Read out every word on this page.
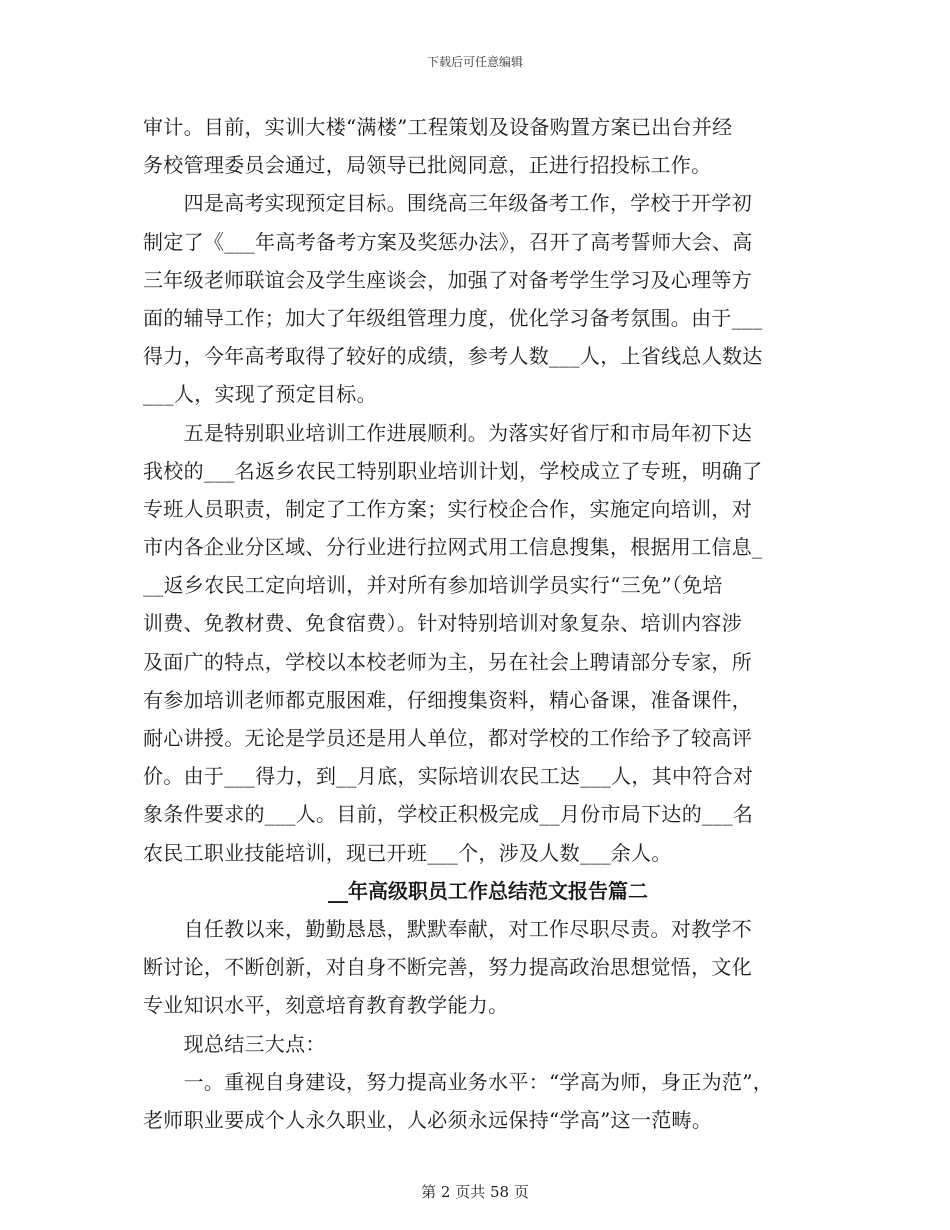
下载后可任意编辑
审计。目前，实训大楼“满楼”工程策划及设备购置方案已出台并经
务校管理委员会通过，局领导已批阅同意，正进行招投标工作。
　　四是高考实现预定目标。围绕高三年级备考工作，学校于开学初
制定了《___年高考备考方案及奖惩办法》，召开了高考誓师大会、高
三年级老师联谊会及学生座谈会，加强了对备考学生学习及心理等方
面的辅导工作；加大了年级组管理力度，优化学习备考氛围。由于___
得力，今年高考取得了较好的成绩，参考人数___人，上省线总人数达
___人，实现了预定目标。
　　五是特别职业培训工作进展顺利。为落实好省厅和市局年初下达
我校的___名返乡农民工特别职业培训计划，学校成立了专班，明确了
专班人员职责，制定了工作方案；实行校企合作，实施定向培训，对
市内各企业分区域、分行业进行拉网式用工信息搜集，根据用工信息_
__返乡农民工定向培训，并对所有参加培训学员实行“三免”（免培
训费、免教材费、免食宿费）。针对特别培训对象复杂、培训内容涉
及面广的特点，学校以本校老师为主，另在社会上聘请部分专家，所
有参加培训老师都克服困难，仔细搜集资料，精心备课，准备课件，
耐心讲授。无论是学员还是用人单位，都对学校的工作给予了较高评
价。由于___得力，到__月底，实际培训农民工达___人，其中符合对
象条件要求的___人。目前，学校正积极完成__月份市局下达的___名
农民工职业技能培训，现已开班___个，涉及人数___余人。
__年高级职员工作总结范文报告篇二
　　自任教以来，勤勤恳恳，默默奉献，对工作尽职尽责。对教学不
断讨论，不断创新，对自身不断完善，努力提高政治思想觉悟，文化
专业知识水平，刻意培育教育教学能力。
　　现总结三大点：
　　一。重视自身建设，努力提高业务水平：“学高为师，身正为范”，
老师职业要成个人永久职业，人必须永远保持“学高”这一范畴。
第 2 页共 58 页
